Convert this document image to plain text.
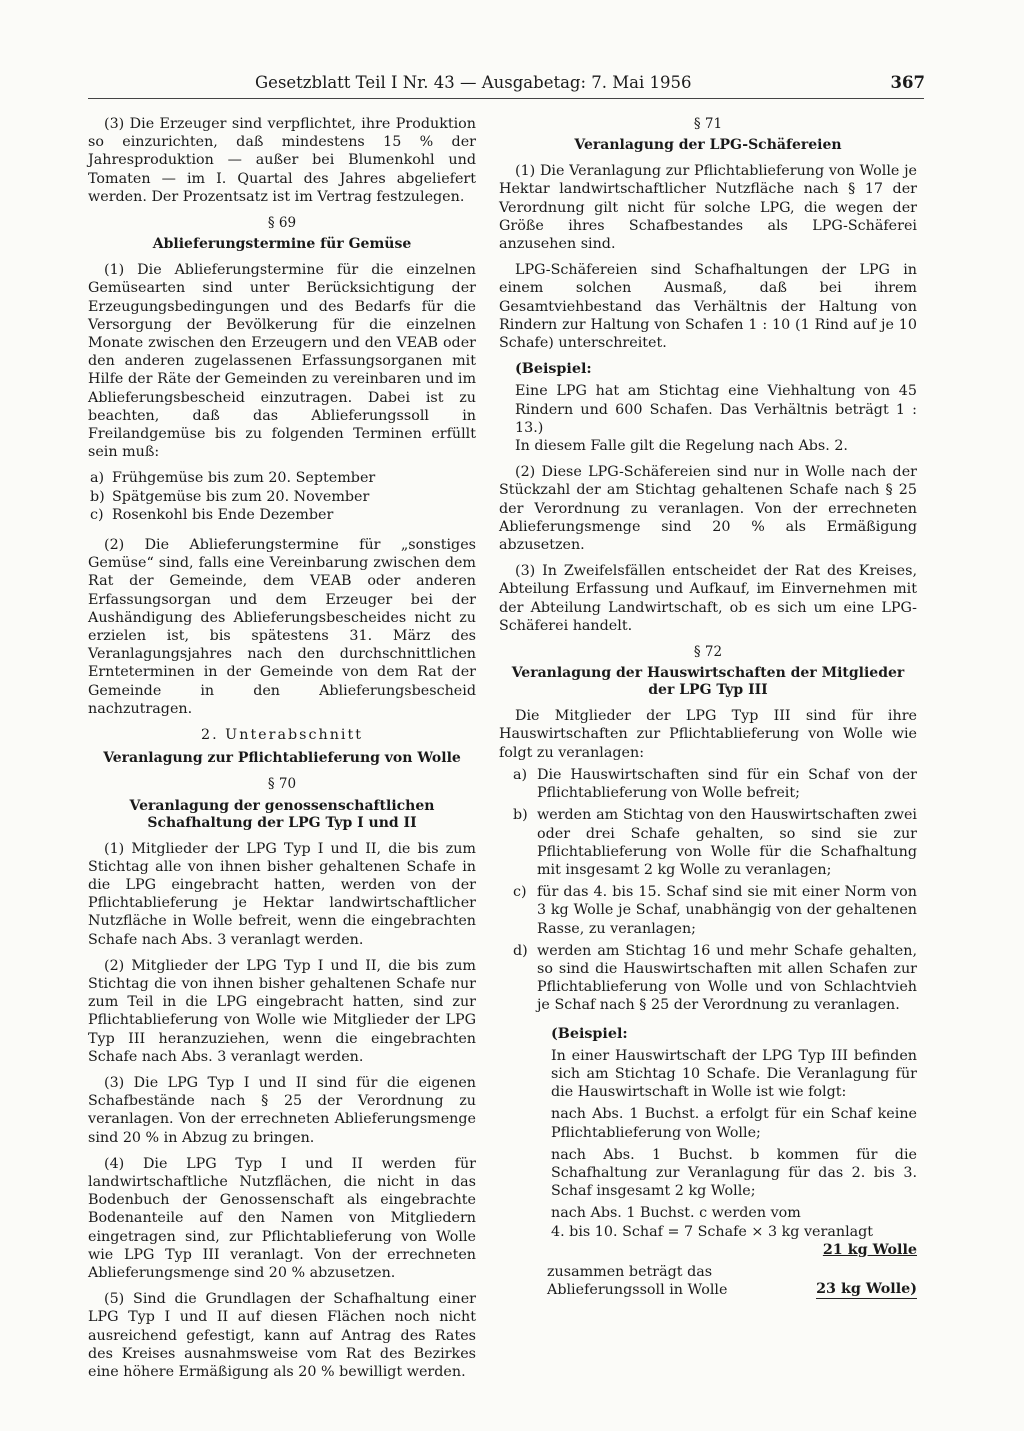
Gesetzblatt Teil I Nr. 43 — Ausgabetag: 7. Mai 1956	367

(3) Die Erzeuger sind verpflichtet, ihre Produktion so einzurichten, daß mindestens 15 % der Jahresproduktion — außer bei Blumenkohl und Tomaten — im I. Quartal des Jahres abgeliefert werden. Der Prozentsatz ist im Vertrag festzulegen.

§ 69

Ablieferungstermine für Gemüse

(1) Die Ablieferungstermine für die einzelnen Gemüsearten sind unter Berücksichtigung der Erzeugungsbedingungen und des Bedarfs für die Versorgung der Bevölkerung für die einzelnen Monate zwischen den Erzeugern und den VEAB oder den anderen zugelassenen Erfassungsorganen mit Hilfe der Räte der Gemeinden zu vereinbaren und im Ablieferungsbescheid einzutragen. Dabei ist zu beachten, daß das Ablieferungssoll in Freilandgemüse bis zu folgenden Terminen erfüllt sein muß:

a) Frühgemüse bis zum 20. September
b) Spätgemüse bis zum 20. November
c) Rosenkohl bis Ende Dezember

(2) Die Ablieferungstermine für „sonstiges Gemüse“ sind, falls eine Vereinbarung zwischen dem Rat der Gemeinde, dem VEAB oder anderen Erfassungsorgan und dem Erzeuger bei der Aushändigung des Ablieferungsbescheides nicht zu erzielen ist, bis spätestens 31. März des Veranlagungsjahres nach den durchschnittlichen Ernteterminen in der Gemeinde von dem Rat der Gemeinde in den Ablieferungsbescheid nachzutragen.

2. Unterabschnitt

Veranlagung zur Pflichtablieferung von Wolle

§ 70

Veranlagung der genossenschaftlichen Schafhaltung der LPG Typ I und II

(1) Mitglieder der LPG Typ I und II, die bis zum Stichtag alle von ihnen bisher gehaltenen Schafe in die LPG eingebracht hatten, werden von der Pflichtablieferung je Hektar landwirtschaftlicher Nutzfläche in Wolle befreit, wenn die eingebrachten Schafe nach Abs. 3 veranlagt werden.

(2) Mitglieder der LPG Typ I und II, die bis zum Stichtag die von ihnen bisher gehaltenen Schafe nur zum Teil in die LPG eingebracht hatten, sind zur Pflichtablieferung von Wolle wie Mitglieder der LPG Typ III heranzuziehen, wenn die eingebrachten Schafe nach Abs. 3 veranlagt werden.

(3) Die LPG Typ I und II sind für die eigenen Schafbestände nach § 25 der Verordnung zu veranlagen. Von der errechneten Ablieferungsmenge sind 20 % in Abzug zu bringen.

(4) Die LPG Typ I und II werden für landwirtschaftliche Nutzflächen, die nicht in das Bodenbuch der Genossenschaft als eingebrachte Bodenanteile auf den Namen von Mitgliedern eingetragen sind, zur Pflichtablieferung von Wolle wie LPG Typ III veranlagt. Von der errechneten Ablieferungsmenge sind 20 % abzusetzen.

(5) Sind die Grundlagen der Schafhaltung einer LPG Typ I und II auf diesen Flächen noch nicht ausreichend gefestigt, kann auf Antrag des Rates des Kreises ausnahmsweise vom Rat des Bezirkes eine höhere Ermäßigung als 20 % bewilligt werden.

§ 71

Veranlagung der LPG-Schäfereien

(1) Die Veranlagung zur Pflichtablieferung von Wolle je Hektar landwirtschaftlicher Nutzfläche nach § 17 der Verordnung gilt nicht für solche LPG, die wegen der Größe ihres Schafbestandes als LPG-Schäferei anzusehen sind.

LPG-Schäfereien sind Schafhaltungen der LPG in einem solchen Ausmaß, daß bei ihrem Gesamtviehbestand das Verhältnis der Haltung von Rindern zur Haltung von Schafen 1 : 10 (1 Rind auf je 10 Schafe) unterschreitet.

(Beispiel:

Eine LPG hat am Stichtag eine Viehhaltung von 45 Rindern und 600 Schafen. Das Verhältnis beträgt 1 : 13.)

In diesem Falle gilt die Regelung nach Abs. 2.

(2) Diese LPG-Schäfereien sind nur in Wolle nach der Stückzahl der am Stichtag gehaltenen Schafe nach § 25 der Verordnung zu veranlagen. Von der errechneten Ablieferungsmenge sind 20 % als Ermäßigung abzusetzen.

(3) In Zweifelsfällen entscheidet der Rat des Kreises, Abteilung Erfassung und Aufkauf, im Einvernehmen mit der Abteilung Landwirtschaft, ob es sich um eine LPG-Schäferei handelt.

§ 72

Veranlagung der Hauswirtschaften der Mitglieder der LPG Typ III

Die Mitglieder der LPG Typ III sind für ihre Hauswirtschaften zur Pflichtablieferung von Wolle wie folgt zu veranlagen:

a) Die Hauswirtschaften sind für ein Schaf von der Pflichtablieferung von Wolle befreit;
b) werden am Stichtag von den Hauswirtschaften zwei oder drei Schafe gehalten, so sind sie zur Pflichtablieferung von Wolle für die Schafhaltung mit insgesamt 2 kg Wolle zu veranlagen;
c) für das 4. bis 15. Schaf sind sie mit einer Norm von 3 kg Wolle je Schaf, unabhängig von der gehaltenen Rasse, zu veranlagen;
d) werden am Stichtag 16 und mehr Schafe gehalten, so sind die Hauswirtschaften mit allen Schafen zur Pflichtablieferung von Wolle und von Schlachtvieh je Schaf nach § 25 der Verordnung zu veranlagen.

(Beispiel:

In einer Hauswirtschaft der LPG Typ III befinden sich am Stichtag 10 Schafe. Die Veranlagung für die Hauswirtschaft in Wolle ist wie folgt:

nach Abs. 1 Buchst. a erfolgt für ein Schaf keine Pflichtablieferung von Wolle;

nach Abs. 1 Buchst. b kommen für die Schafhaltung zur Veranlagung für das 2. bis 3. Schaf insgesamt 2 kg Wolle;

nach Abs. 1 Buchst. c werden vom

4. bis 10. Schaf = 7 Schafe × 3 kg veranlagt
21 kg Wolle
zusammen beträgt das Ablieferungssoll in Wolle	23 kg Wolle)
